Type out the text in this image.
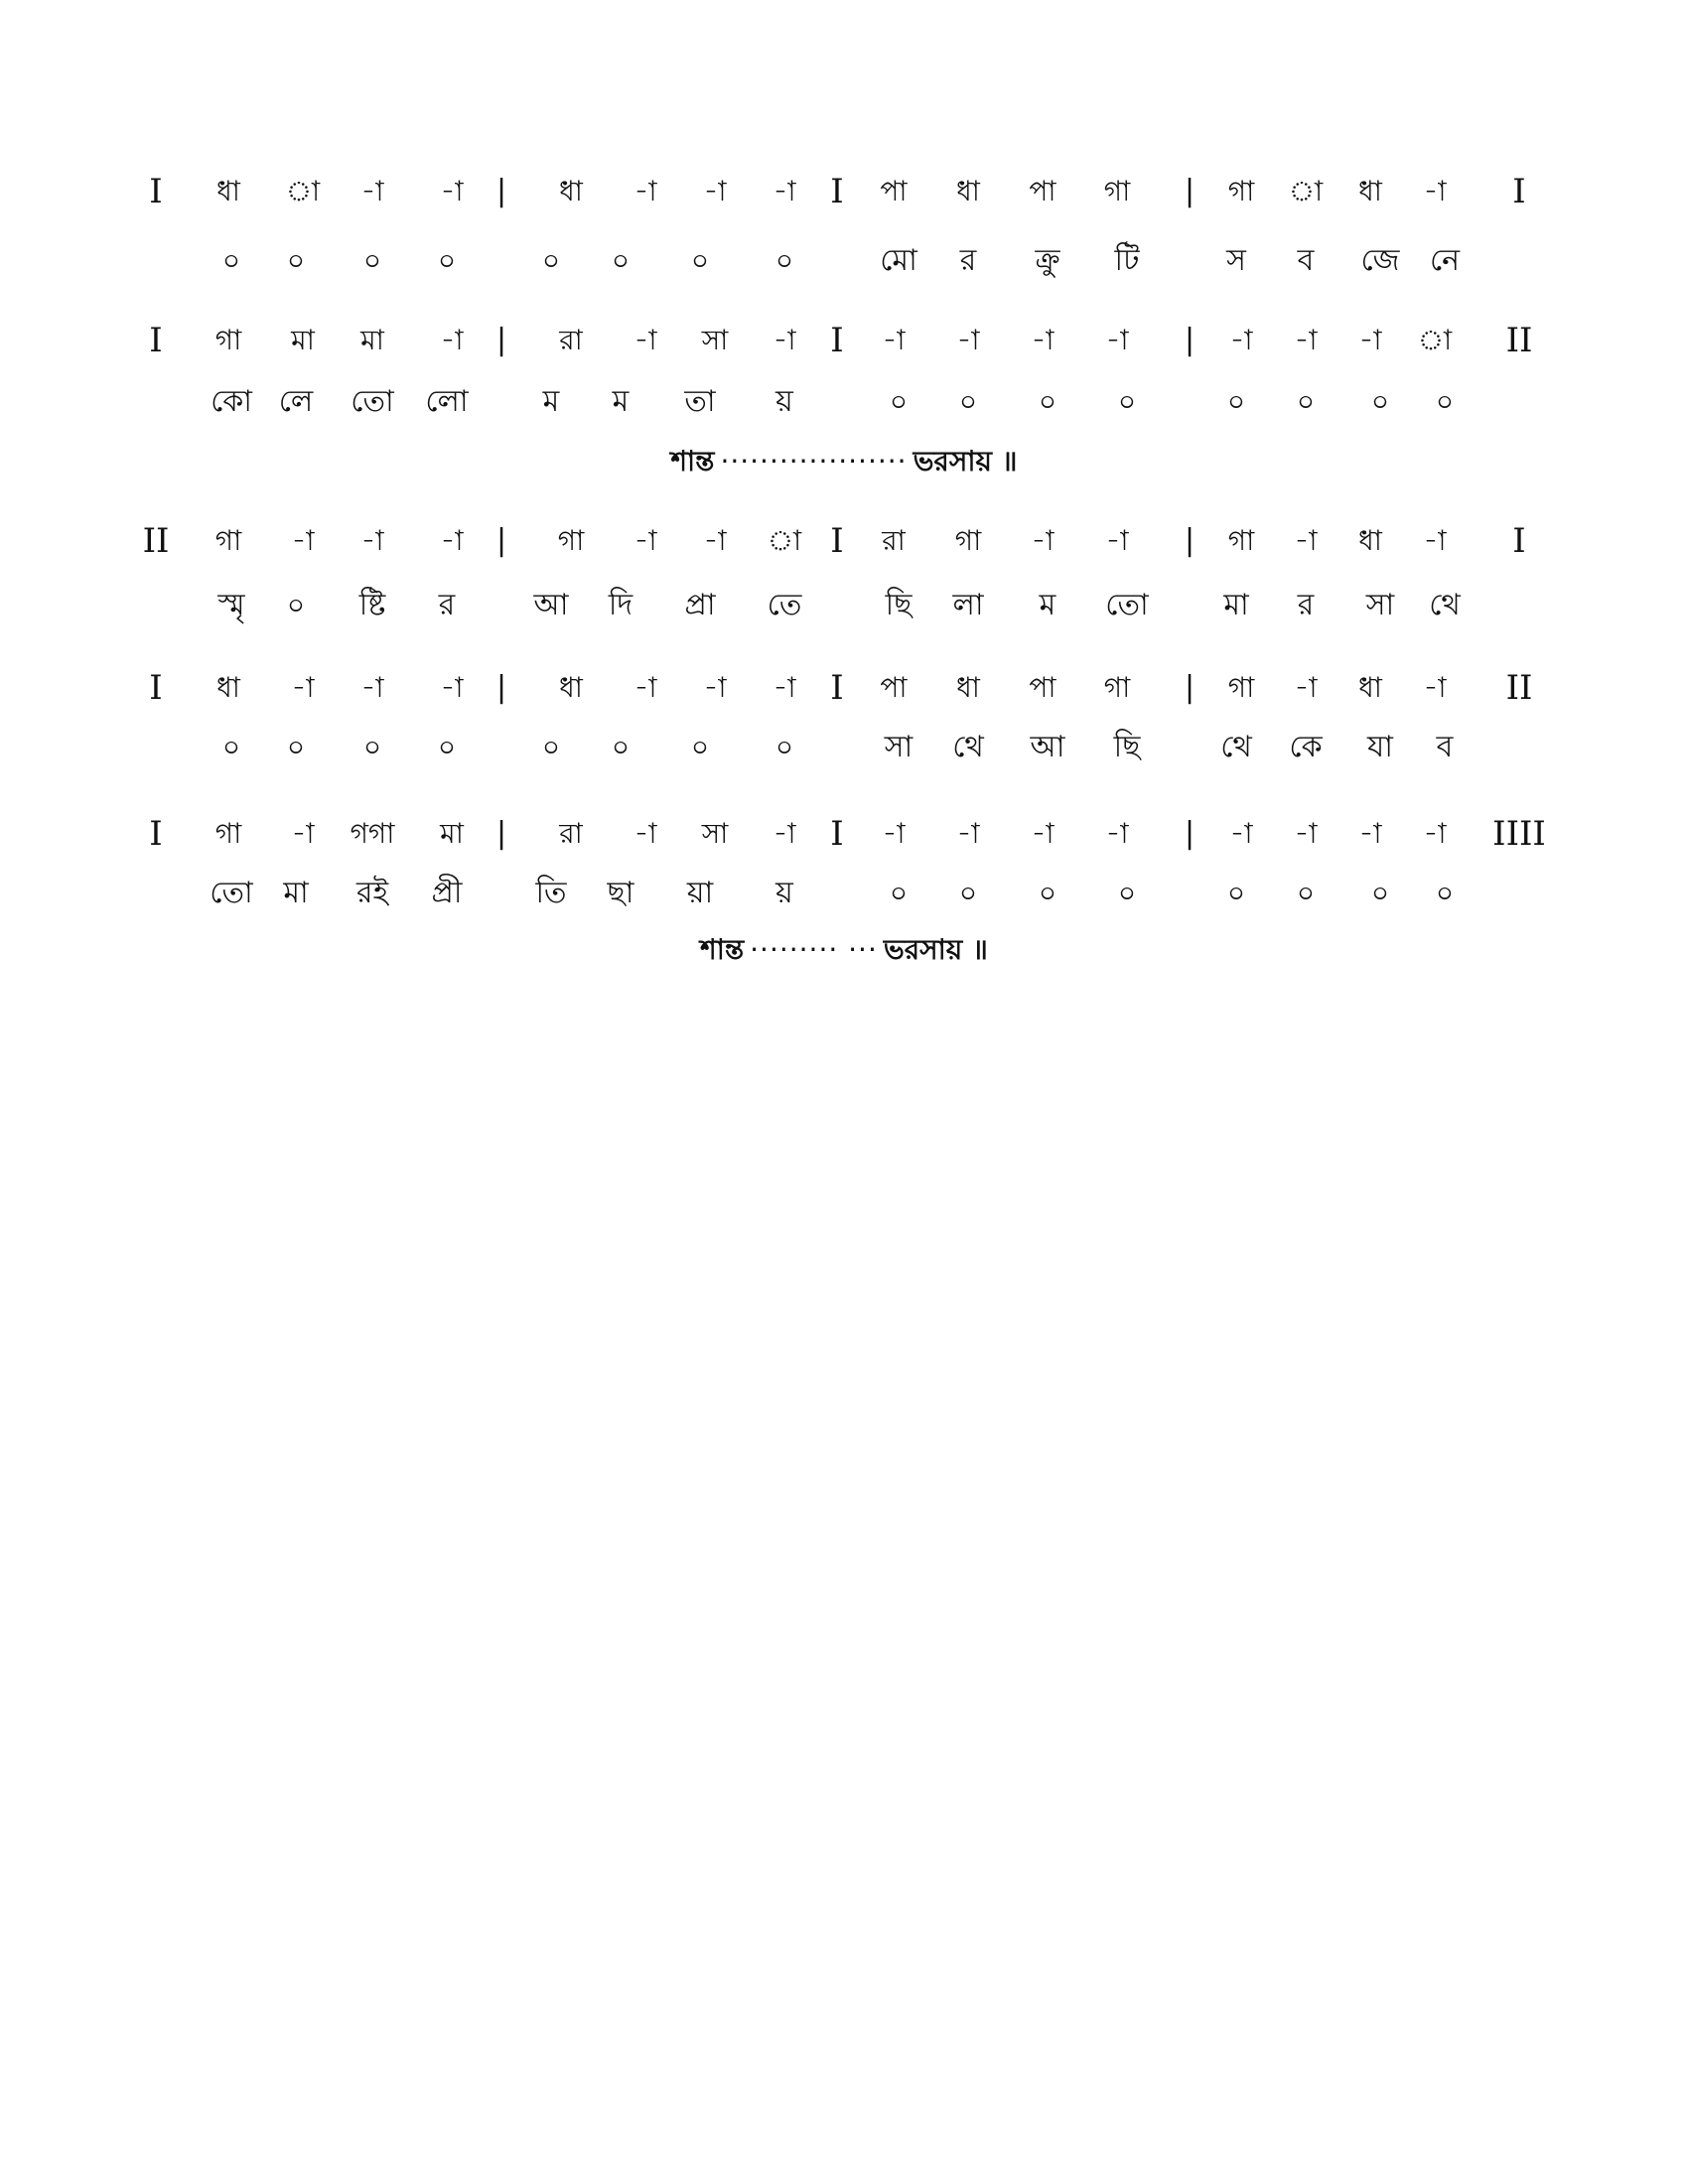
I ধা া -া -া | ধা -া -া -া I পা ধা পা গা | গা া ধা -া I
০ ০ ০ ০	০ ০ ০ ০	মো র ক্রু টি	স ব জে নে
I গা মা মা -া | রা -া সা -া I -া -া -া -া | -া -া -া া II
কো লে তো লো	ম ম তা য়	০ ০ ০ ০	০ ০ ০ ০
শান্ত ··················· ভরসায় ॥
II গা -া -া -া | গা -া -া া I রা গা -া -া | গা -া ধা -া I
স্মৃ ০ ষ্টি র	আ দি প্রা তে	ছি লা ম তো	মা র সা থে
I ধা -া -া -া | ধা -া -া -া I পা ধা পা গা | গা -া ধা -া II
০ ০ ০ ০	০ ০ ০ ০	সা থে আ ছি	থে কে যা ব
I গা -া গগা মা | রা -া সা -া I -া -া -া -া | -া -া -া -া IIII
তো মা রই প্রী তি ছা য়া য়	০ ০ ০ ০	০ ০ ০ ০
শান্ত ········· ··· ভরসায় ॥
